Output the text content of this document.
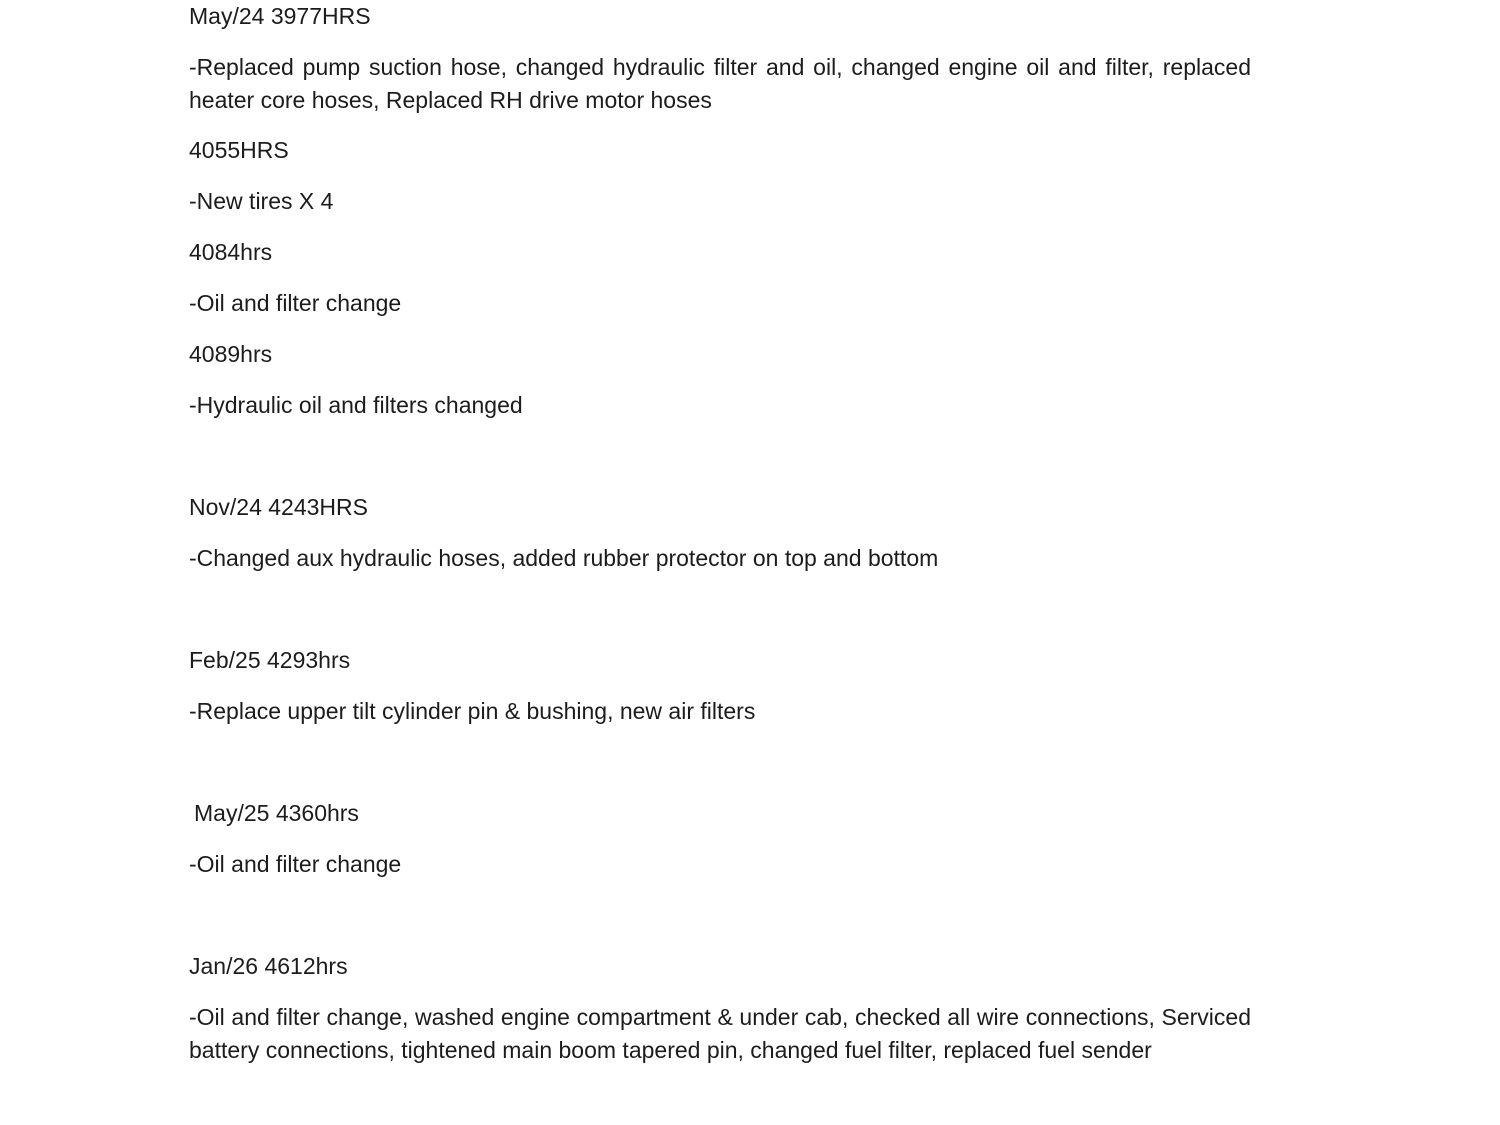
May/24 3977HRS
-Replaced pump suction hose, changed hydraulic filter and oil, changed engine oil and filter, replaced heater core hoses, Replaced RH drive motor hoses
4055HRS
-New tires X 4
4084hrs
-Oil and filter change
4089hrs
-Hydraulic oil and filters changed
Nov/24 4243HRS
-Changed aux hydraulic hoses, added rubber protector on top and bottom
Feb/25 4293hrs
-Replace upper tilt cylinder pin & bushing, new air filters
May/25 4360hrs
-Oil and filter change
Jan/26 4612hrs
-Oil and filter change, washed engine compartment & under cab, checked all wire connections, Serviced battery connections, tightened main boom tapered pin, changed fuel filter, replaced fuel sender
